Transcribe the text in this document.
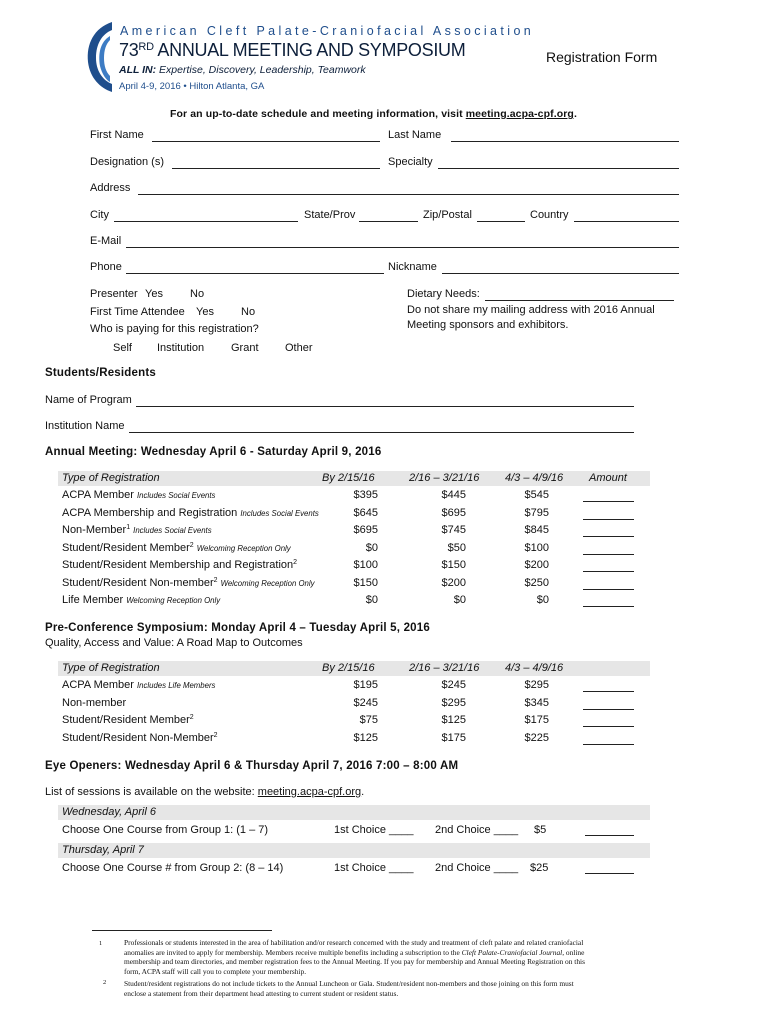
American Cleft Palate-Craniofacial Association
73RD ANNUAL MEETING AND SYMPOSIUM
ALL IN: Expertise, Discovery, Leadership, Teamwork
April 4-9, 2016 • Hilton Atlanta, GA
Registration Form
For an up-to-date schedule and meeting information, visit meeting.acpa-cpf.org.
First Name	Last Name
Designation (s)	Specialty
Address
City	State/Prov	Zip/Postal	Country
E-Mail
Phone	Nickname
Presenter Yes No
First Time Attendee Yes No
Who is paying for this registration?
Self Institution Grant Other
Dietary Needs:
Do not share my mailing address with 2016 Annual
Meeting sponsors and exhibitors.
Students/Residents
Name of Program
Institution Name
Annual Meeting: Wednesday April 6 - Saturday April 9, 2016
Type of Registration	By 2/15/16	2/16 – 3/21/16 4/3 – 4/9/16 Amount
ACPA Member Includes Social Events	$395	$445	$545
ACPA Membership and Registration Includes Social Events	$645	$695	$795
Non-Member$^1$ Includes Social Events	$695	$745	$845
Student/Resident Member$^2$ Welcoming Reception Only	$0	$50	$100
Student/Resident Membership and Registration$^2$	$100	$150	$200
Student/Resident Non-member$^2$ Welcoming Reception Only	$150	$200	$250
Life Member Welcoming Reception Only	$0	$0	$0
Pre-Conference Symposium: Monday April 4 – Tuesday April 5, 2016
Quality, Access and Value: A Road Map to Outcomes
Type of Registration	By 2/15/16	2/16 – 3/21/16 4/3 – 4/9/16
ACPA Member Includes Life Members	$195	$245	$295
Non-member	$245	$295	$345
Student/Resident Member$^2$	$75	$125	$175
Student/Resident Non-Member$^2$	$125	$175	$225
Eye Openers: Wednesday April 6 & Thursday April 7, 2016 7:00 – 8:00 AM
List of sessions is available on the website: meeting.acpa-cpf.org.
Wednesday, April 6
Choose One Course from Group 1: (1 – 7)	1st Choice ____ 2nd Choice ____ $5
Thursday, April 7
Choose One Course # from Group 2: (8 – 14)	1st Choice ____ 2nd Choice ____ $25
1	Professionals or students interested in the area of habilitation and/or research concerned with the study and treatment of cleft palate and related craniofacial
anomalies are invited to apply for membership. Members receive multiple benefits including a subscription to the Cleft Palate-Craniofacial Journal, online
membership and team directories, and member registration fees to the Annual Meeting. If you pay for membership and Annual Meeting Registration on this
form, ACPA staff will call you to complete your membership.
2 Student/resident registrations do not include tickets to the Annual Luncheon or Gala. Student/resident non-members and those joining on this form must
enclose a statement from their department head attesting to current student or resident status.
